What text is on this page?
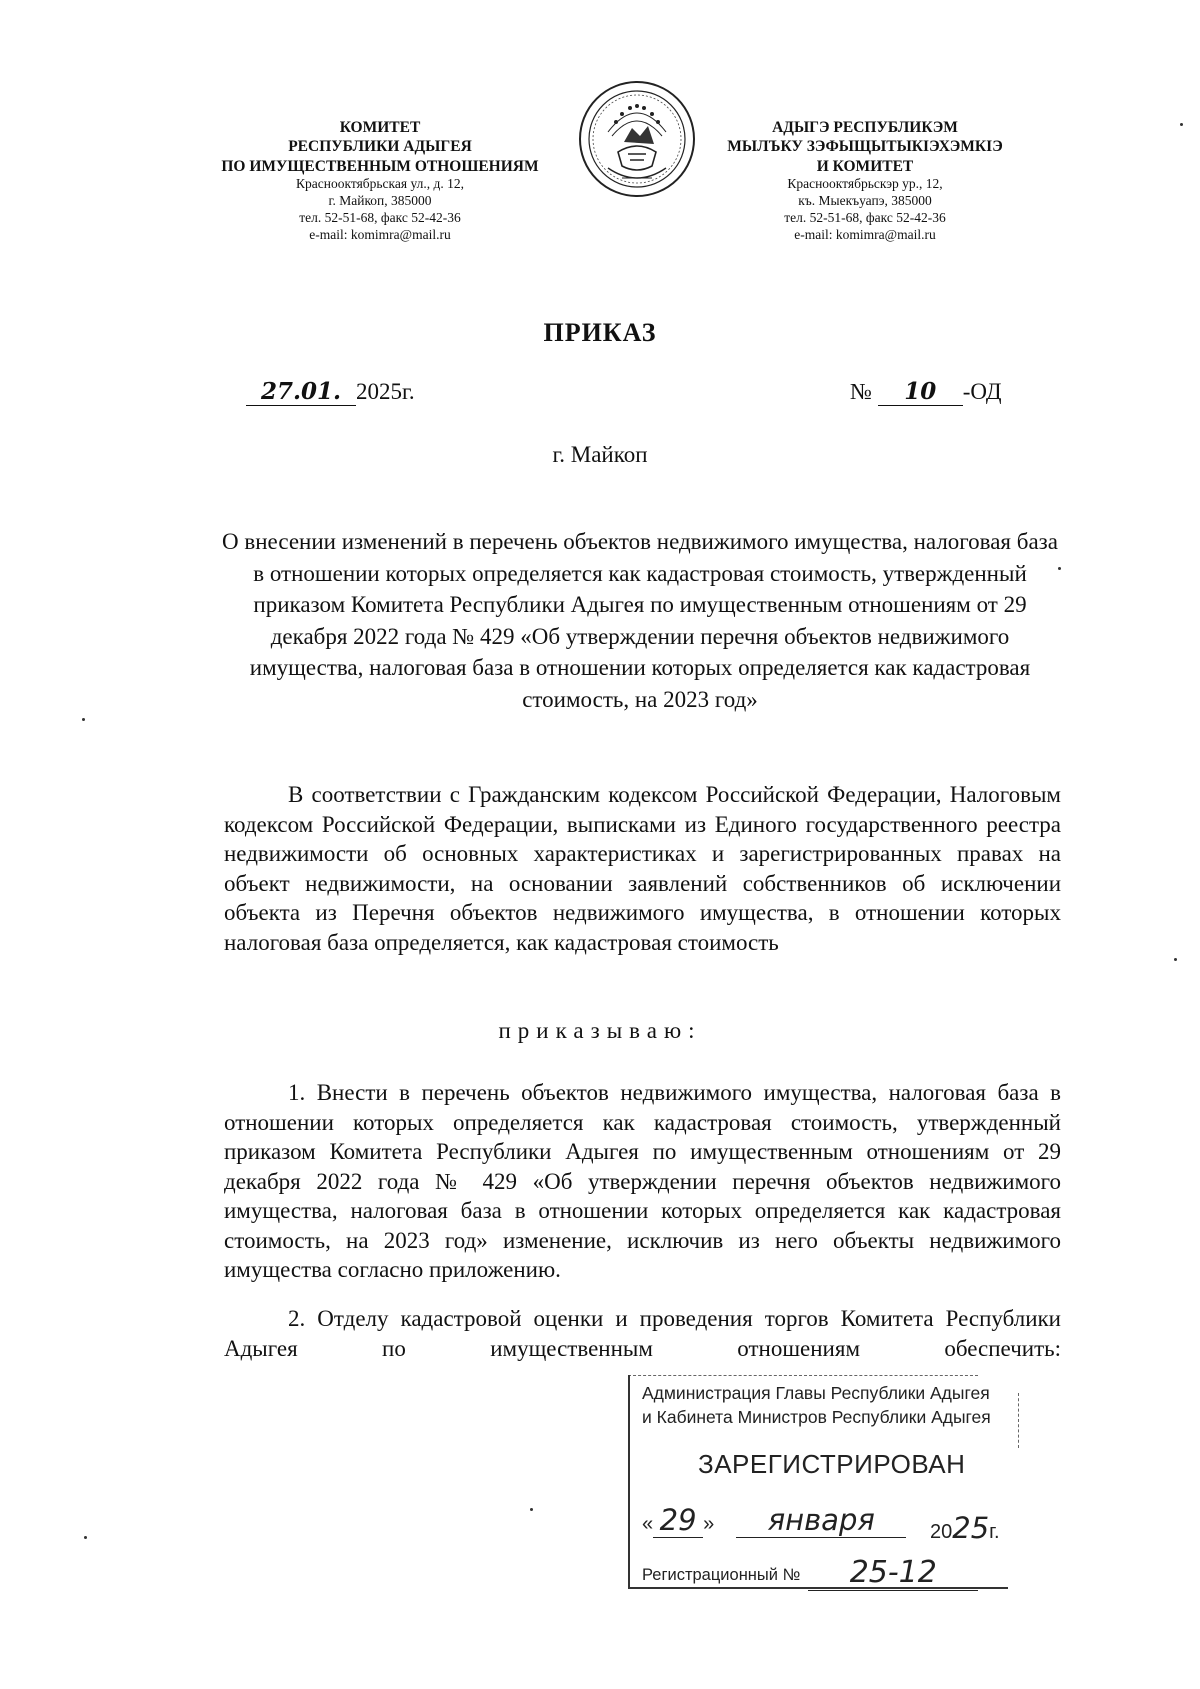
КОМИТЕТ
РЕСПУБЛИКИ АДЫГЕЯ
ПО ИМУЩЕСТВЕННЫМ ОТНОШЕНИЯМ
Краснооктябрьская ул., д. 12,
г. Майкоп, 385000
тел. 52-51-68, факс 52-42-36
e-mail: komimra@mail.ru
АДЫГЭ РЕСПУБЛИКЭМ
МЫЛЪКУ ЗЭФЫЩЫТЫКIЭХЭМКIЭ
И КОМИТЕТ
Краснооктябрьскэр ур., 12,
къ. Мыекъуапэ, 385000
тел. 52-51-68, факс 52-42-36
e-mail: komimra@mail.ru
ПРИКАЗ
27.01. 2025г.	№ 10 -ОД
г. Майкоп
О внесении изменений в перечень объектов недвижимого имущества, налоговая база в отношении которых определяется как кадастровая стоимость, утвержденный приказом Комитета Республики Адыгея по имущественным отношениям от 29 декабря 2022 года № 429 «Об утверждении перечня объектов недвижимого имущества, налоговая база в отношении которых определяется как кадастровая стоимость, на 2023 год»
В соответствии с Гражданским кодексом Российской Федерации, Налоговым кодексом Российской Федерации, выписками из Единого государственного реестра недвижимости об основных характеристиках и зарегистрированных правах на объект недвижимости, на основании заявлений собственников об исключении объекта из Перечня объектов недвижимого имущества, в отношении которых налоговая база определяется, как кадастровая стоимость
приказываю:
1. Внести в перечень объектов недвижимого имущества, налоговая база в отношении которых определяется как кадастровая стоимость, утвержденный приказом Комитета Республики Адыгея по имущественным отношениям от 29 декабря 2022 года № 429 «Об утверждении перечня объектов недвижимого имущества, налоговая база в отношении которых определяется как кадастровая стоимость, на 2023 год» изменение, исключив из него объекты недвижимого имущества согласно приложению.
2. Отделу кадастровой оценки и проведения торгов Комитета Республики Адыгея по имущественным отношениям обеспечить:
Администрация Главы Республики Адыгея
и Кабинета Министров Республики Адыгея
ЗАРЕГИСТРИРОВАН
« 29 » января	2025г.
Регистрационный № 25-12
